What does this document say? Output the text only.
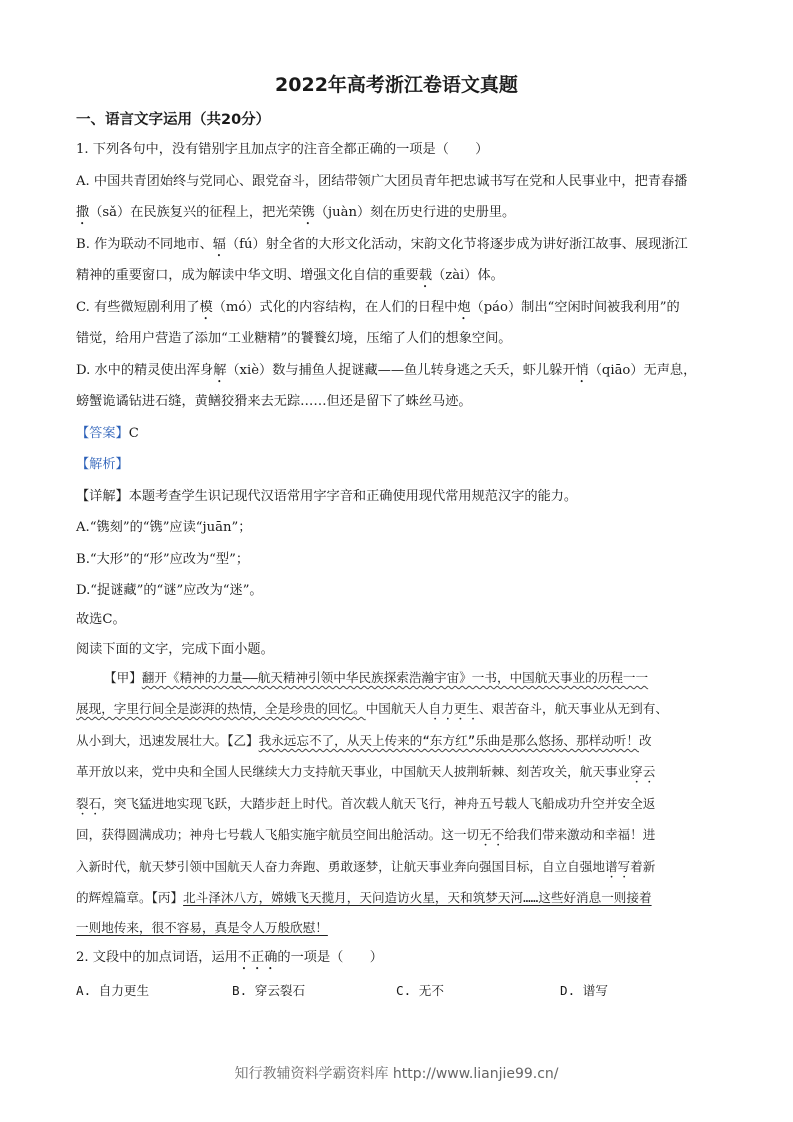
2022年高考浙江卷语文真题
一、语言文字运用（共20分）
1. 下列各句中，没有错别字且加点字的注音全都正确的一项是（　　）
A. 中国共青团始终与党同心、跟党奋斗，团结带领广大团员青年把忠诚书写在党和人民事业中，把青春播
撒（sǎ）在民族复兴的征程上，把光荣镌（juàn）刻在历史行进的史册里。
B. 作为联动不同地市、辐（fú）射全省的大形文化活动，宋韵文化节将逐步成为讲好浙江故事、展现浙江
精神的重要窗口，成为解读中华文明、增强文化自信的重要载（zài）体。
C. 有些微短剧利用了模（mó）式化的内容结构，在人们的日程中炮（páo）制出“空闲时间被我利用”的
错觉，给用户营造了添加“工业糖精”的饕餮幻境，压缩了人们的想象空间。
D. 水中的精灵使出浑身解（xiè）数与捕鱼人捉谜藏——鱼儿转身逃之夭夭，虾儿躲开悄（qiāo）无声息，
螃蟹诡谲钻进石缝，黄鳝狡猾来去无踪……但还是留下了蛛丝马迹。
【答案】C
【解析】
【详解】本题考查学生识记现代汉语常用字字音和正确使用现代常用规范汉字的能力。
A.“镌刻”的“镌”应读“juān”；
B.“大形”的“形”应改为“型”；
D.“捉谜藏”的“谜”应改为“迷”。
故选C。
阅读下面的文字，完成下面小题。
【甲】翻开《精神的力量——航天精神引领中华民族探索浩瀚宇宙》一书，中国航天事业的历程一一
展现，字里行间全是澎湃的热情，全是珍贵的回忆。中国航天人自力更生、艰苦奋斗，航天事业从无到有、
从小到大，迅速发展壮大。【乙】我永远忘不了，从天上传来的“东方红”乐曲是那么悠扬、那样动听！改
革开放以来，党中央和全国人民继续大力支持航天事业，中国航天人披荆斩棘、刻苦攻关，航天事业穿云
裂石，突飞猛进地实现飞跃，大踏步赶上时代。首次载人航天飞行，神舟五号载人飞船成功升空并安全返
回，获得圆满成功；神舟七号载人飞船实施宇航员空间出舱活动。这一切无不给我们带来激动和幸福！进
入新时代，航天梦引领中国航天人奋力奔跑、勇敢逐梦，让航天事业奔向强国目标，自立自强地谱写着新
的辉煌篇章。【丙】北斗泽沐八方，嫦娥飞天揽月，天问造访火星，天和筑梦天河……这些好消息一则接着
一则地传来，很不容易，真是令人万般欣慰！
2. 文段中的加点词语，运用不正确的一项是（　　）
A. 自力更生	B. 穿云裂石	C. 无不	D. 谱写
知行教辅资料学霸资料库 http://www.lianjie99.cn/
